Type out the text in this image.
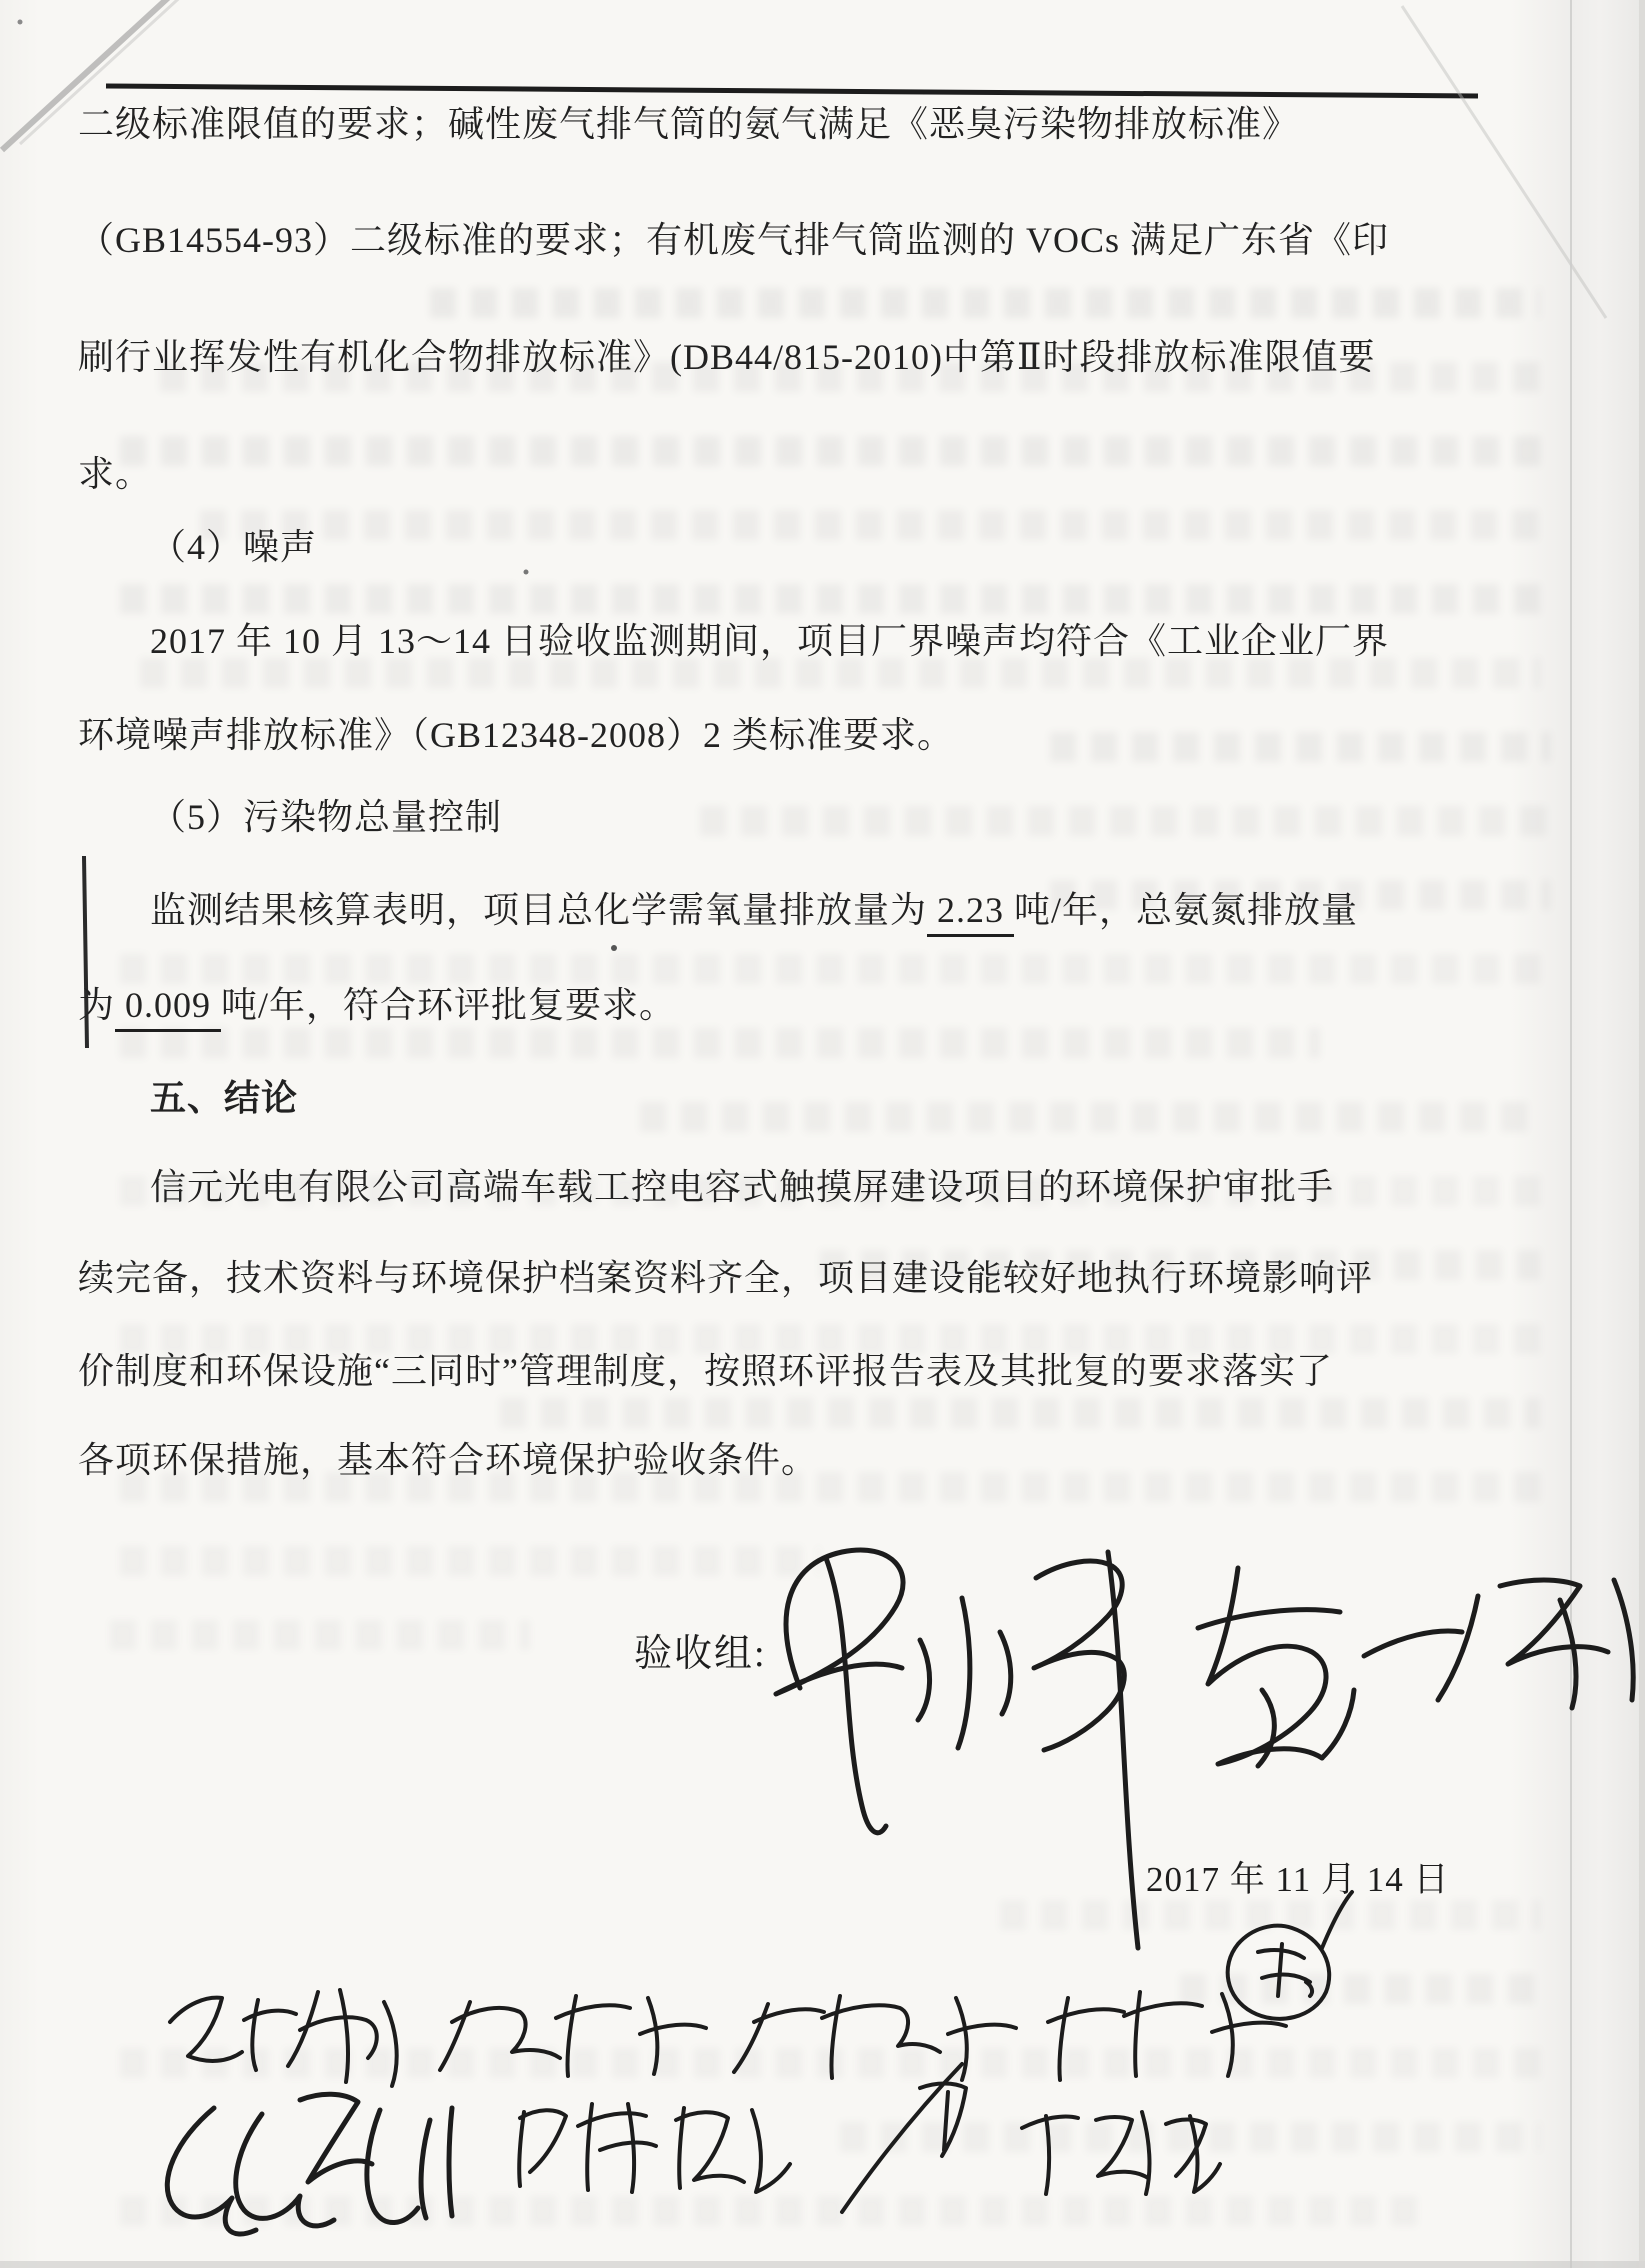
二级标准限值的要求；碱性废气排气筒的氨气满足《恶臭污染物排放标准》
（GB14554-93）二级标准的要求；有机废气排气筒监测的 VOCs 满足广东省《印
刷行业挥发性有机化合物排放标准》(DB44/815-2010)中第Ⅱ时段排放标准限值要
求。
（4）噪声
2017 年 10 月 13～14 日验收监测期间，项目厂界噪声均符合《工业企业厂界
环境噪声排放标准》（GB12348-2008）2 类标准要求。
（5）污染物总量控制
监测结果核算表明，项目总化学需氧量排放量为 2.23 吨/年，总氨氮排放量
为 0.009 吨/年，符合环评批复要求。
五、结论
信元光电有限公司高端车载工控电容式触摸屏建设项目的环境保护审批手
续完备，技术资料与环境保护档案资料齐全，项目建设能较好地执行环境影响评
价制度和环保设施“三同时”管理制度，按照环评报告表及其批复的要求落实了
各项环保措施，基本符合环境保护验收条件。
验收组:
2017 年 11 月 14 日
